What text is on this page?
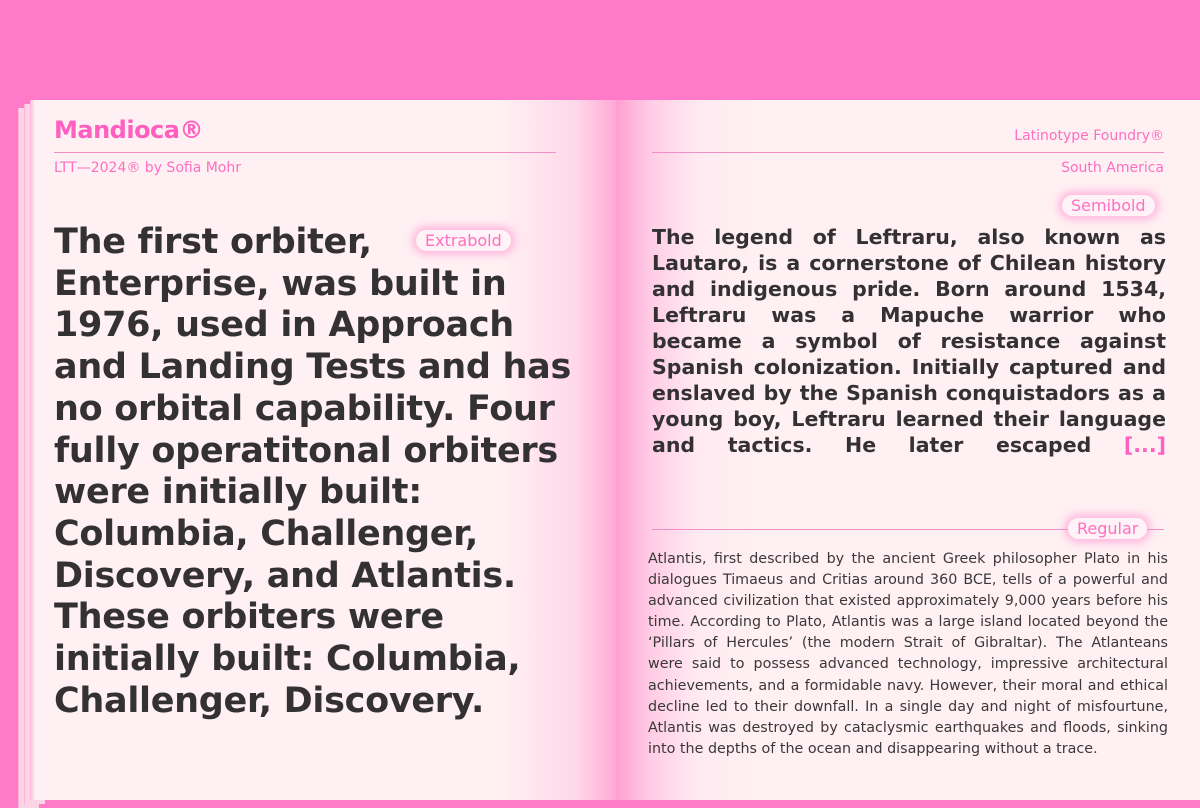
Mandioca®
LTT—2024® by Sofia Mohr
Extrabold
The first orbiter, Enterprise, was built in 1976, used in Approach and Landing Tests and has no orbital capability. Four fully operatitonal orbiters were initially built: Columbia, Challenger, Discovery, and Atlantis. These orbiters were initially built: Columbia, Challenger, Discovery.
Latinotype Foundry®
South America
Semibold
The legend of Leftraru, also known as Lautaro, is a cornerstone of Chilean history and indigenous pride. Born around 1534, Leftraru was a Mapuche warrior who became a symbol of resistance against Spanish colonization. Initially captured and enslaved by the Spanish conquistadors as a young boy, Leftraru learned their language and tactics. He later escaped [...]
Regular
Atlantis, first described by the ancient Greek philosopher Plato in his dialogues Timaeus and Critias around 360 BCE, tells of a powerful and advanced civilization that existed approximately 9,000 years before his time. According to Plato, Atlantis was a large island located beyond the ‘Pillars of Hercules’ (the modern Strait of Gibraltar). The Atlanteans were said to possess advanced technology, impressive architectural achievements, and a formidable navy. However, their moral and ethical decline led to their downfall. In a single day and night of misfourtune, Atlantis was destroyed by cataclysmic earthquakes and floods, sinking into the depths of the ocean and disappearing without a trace.
